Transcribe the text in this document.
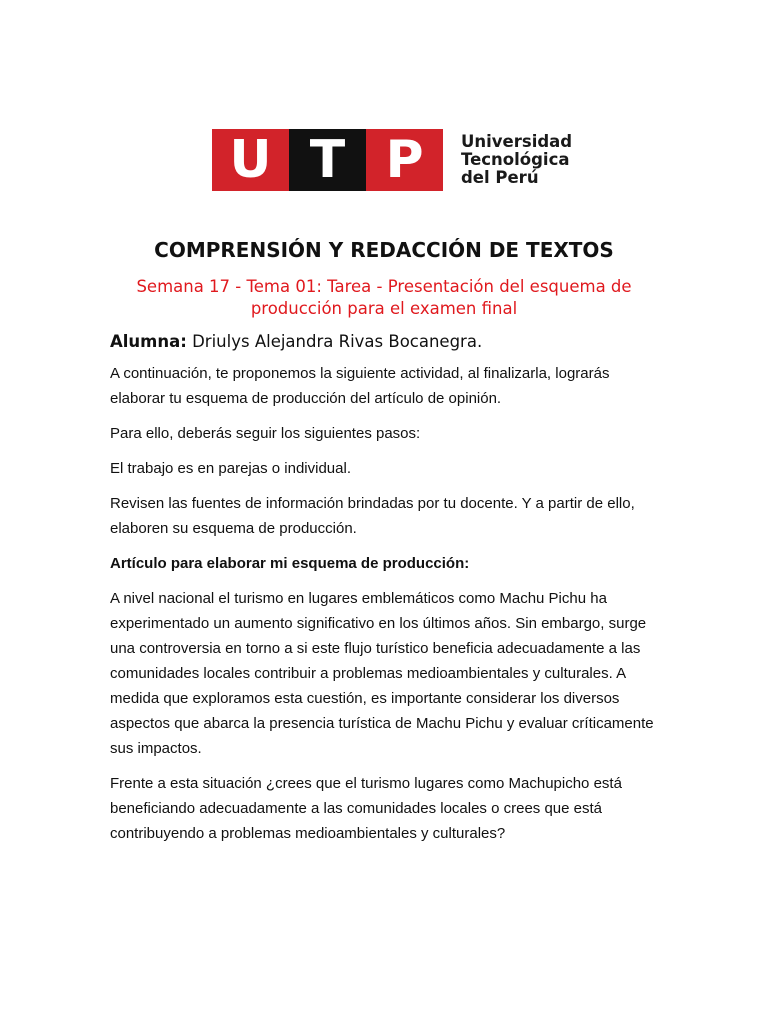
U T P	Universidad
Tecnológica
del Perú
COMPRENSIÓN Y REDACCIÓN DE TEXTOS
Semana 17 - Tema 01: Tarea - Presentación del esquema de producción para el examen final
Alumna: Driulys Alejandra Rivas Bocanegra.

A continuación, te proponemos la siguiente actividad, al finalizarla, lograrás elaborar tu esquema de producción del artículo de opinión.

Para ello, deberás seguir los siguientes pasos:

El trabajo es en parejas o individual.

Revisen las fuentes de información brindadas por tu docente. Y a partir de ello, elaboren su esquema de producción.

Artículo para elaborar mi esquema de producción:

A nivel nacional el turismo en lugares emblemáticos como Machu Pichu ha experimentado un aumento significativo en los últimos años. Sin embargo, surge una controversia en torno a si este flujo turístico beneficia adecuadamente a las comunidades locales contribuir a problemas medioambientales y culturales. A medida que exploramos esta cuestión, es importante considerar los diversos aspectos que abarca la presencia turística de Machu Pichu y evaluar críticamente sus impactos.

Frente a esta situación ¿crees que el turismo lugares como Machupicho está beneficiando adecuadamente a las comunidades locales o crees que está contribuyendo a problemas medioambientales y culturales?
